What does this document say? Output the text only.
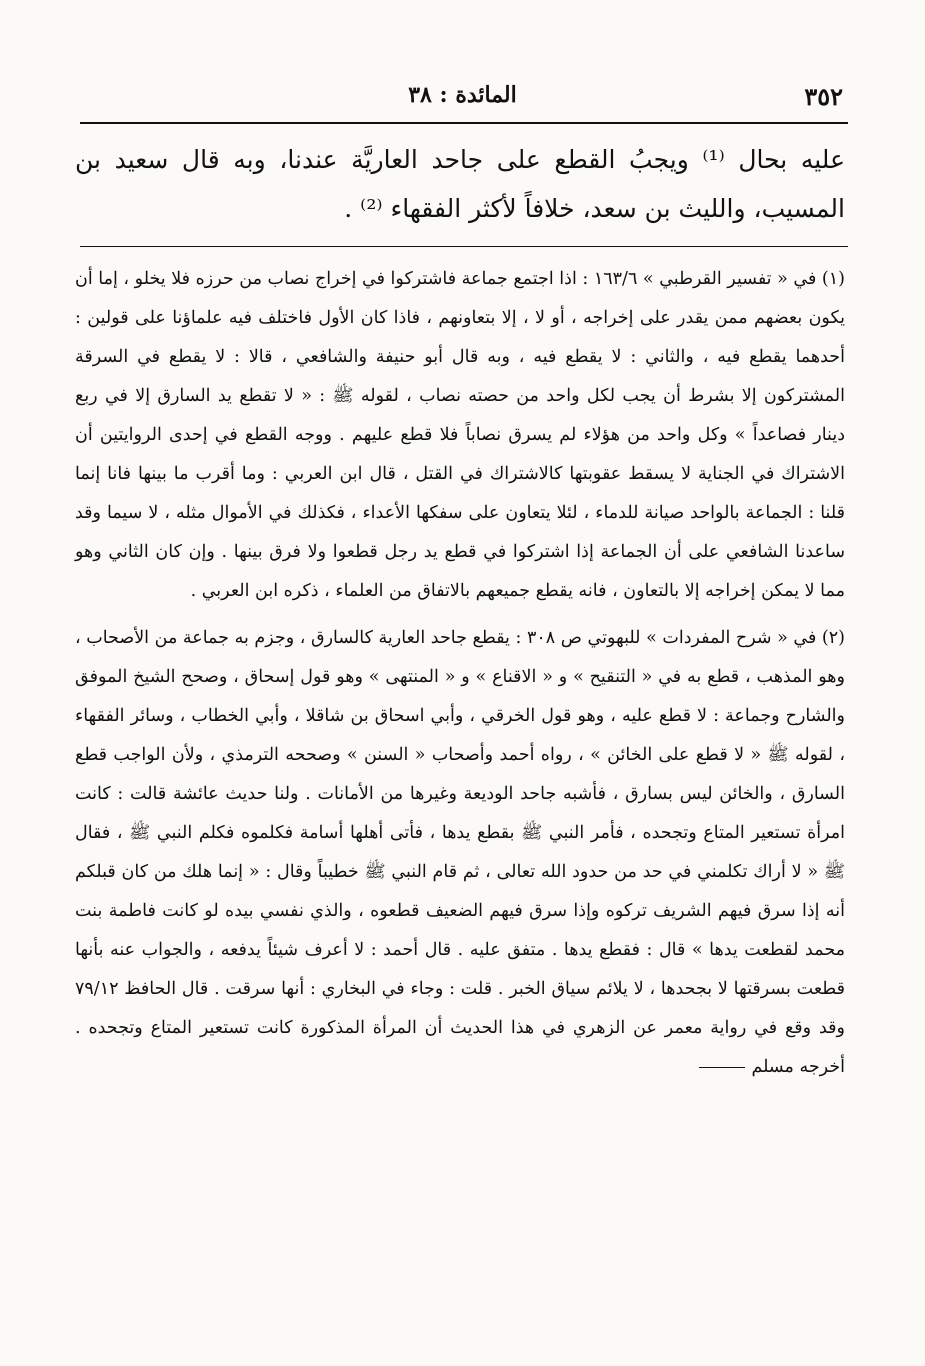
٣٥٢
المائدة : ٣٨

عليه بحال ⁽¹⁾ ويجبُ القطع على جاحد العاريَّة عندنا، وبه قال سعيد بن المسيب، والليث بن سعد، خلافاً لأكثر الفقهاء ⁽²⁾ .

(١) في « تفسير القرطبي » ١٦٣/٦ : اذا اجتمع جماعة فاشتركوا في إخراج نصاب من حرزه فلا يخلو ، إما أن يكون بعضهم ممن يقدر على إخراجه ، أو لا ، إلا بتعاونهم ، فاذا كان الأول فاختلف فيه علماؤنا على قولين : أحدهما يقطع فيه ، والثاني : لا يقطع فيه ، وبه قال أبو حنيفة والشافعي ، قالا : لا يقطع في السرقة المشتركون إلا بشرط أن يجب لكل واحد من حصته نصاب ، لقوله ﷺ : « لا تقطع يد السارق إلا في ربع دينار فصاعداً » وكل واحد من هؤلاء لم يسرق نصاباً فلا قطع عليهم . ووجه القطع في إحدى الروايتين أن الاشتراك في الجناية لا يسقط عقوبتها كالاشتراك في القتل ، قال ابن العربي : وما أقرب ما بينها فانا إنما قلنا : الجماعة بالواحد صيانة للدماء ، لئلا يتعاون على سفكها الأعداء ، فكذلك في الأموال مثله ، لا سيما وقد ساعدنا الشافعي على أن الجماعة إذا اشتركوا في قطع يد رجل قطعوا ولا فرق بينها . وإن كان الثاني وهو مما لا يمكن إخراجه إلا بالتعاون ، فانه يقطع جميعهم بالاتفاق من العلماء ، ذكره ابن العربي .

(٢) في « شرح المفردات » للبهوتي ص ٣٠٨ : يقطع جاحد العارية كالسارق ، وجزم به جماعة من الأصحاب ، وهو المذهب ، قطع به في « التنقيح » و « الاقناع » و « المنتهى » وهو قول إسحاق ، وصحح الشيخ الموفق والشارح وجماعة : لا قطع عليه ، وهو قول الخرقي ، وأبي اسحاق بن شاقلا ، وأبي الخطاب ، وسائر الفقهاء ، لقوله ﷺ « لا قطع على الخائن » ، رواه أحمد وأصحاب « السنن » وصححه الترمذي ، ولأن الواجب قطع السارق ، والخائن ليس بسارق ، فأشبه جاحد الوديعة وغيرها من الأمانات . ولنا حديث عائشة قالت : كانت امرأة تستعير المتاع وتجحده ، فأمر النبي ﷺ بقطع يدها ، فأتى أهلها أسامة فكلموه فكلم النبي ﷺ ، فقال ﷺ « لا أراك تكلمني في حد من حدود الله تعالى ، ثم قام النبي ﷺ خطيباً وقال : « إنما هلك من كان قبلكم أنه إذا سرق فيهم الشريف تركوه وإذا سرق فيهم الضعيف قطعوه ، والذي نفسي بيده لو كانت فاطمة بنت محمد لقطعت يدها » قال : فقطع يدها . متفق عليه . قال أحمد : لا أعرف شيئاً يدفعه ، والجواب عنه بأنها قطعت بسرقتها لا بجحدها ، لا يلائم سياق الخبر . قلت : وجاء في البخاري : أنها سرقت . قال الحافظ ٧٩/١٢ وقد وقع في رواية معمر عن الزهري في هذا الحديث أن المرأة المذكورة كانت تستعير المتاع وتجحده . أخرجه مسلم
